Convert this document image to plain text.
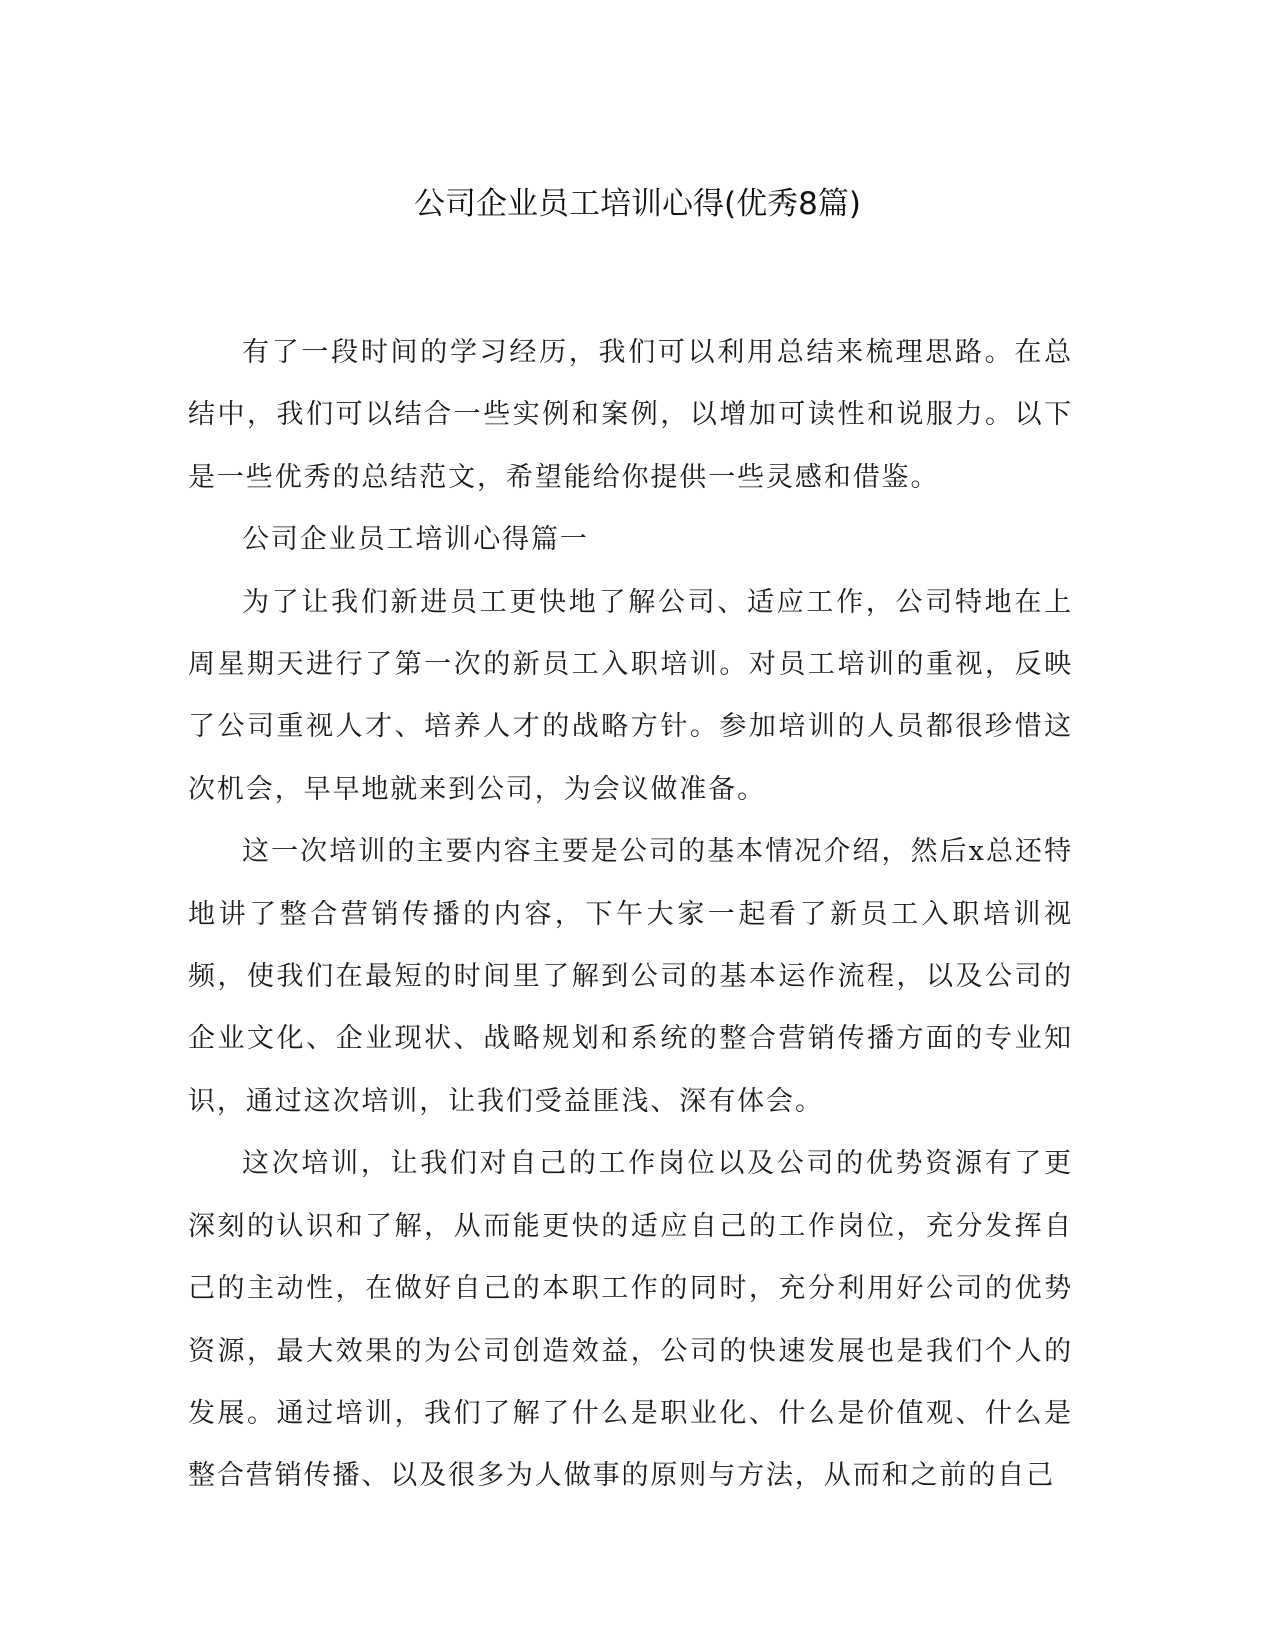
公司企业员工培训心得(优秀8篇)

有了一段时间的学习经历，我们可以利用总结来梳理思路。在总结中，我们可以结合一些实例和案例，以增加可读性和说服力。以下是一些优秀的总结范文，希望能给你提供一些灵感和借鉴。

公司企业员工培训心得篇一

为了让我们新进员工更快地了解公司、适应工作，公司特地在上周星期天进行了第一次的新员工入职培训。对员工培训的重视，反映了公司重视人才、培养人才的战略方针。参加培训的人员都很珍惜这次机会，早早地就来到公司，为会议做准备。

这一次培训的主要内容主要是公司的基本情况介绍，然后x总还特地讲了整合营销传播的内容，下午大家一起看了新员工入职培训视频，使我们在最短的时间里了解到公司的基本运作流程，以及公司的企业文化、企业现状、战略规划和系统的整合营销传播方面的专业知识，通过这次培训，让我们受益匪浅、深有体会。

这次培训，让我们对自己的工作岗位以及公司的优势资源有了更深刻的认识和了解，从而能更快的适应自己的工作岗位，充分发挥自己的主动性，在做好自己的本职工作的同时，充分利用好公司的优势资源，最大效果的为公司创造效益，公司的快速发展也是我们个人的发展。通过培训，我们了解了什么是职业化、什么是价值观、什么是整合营销传播、以及很多为人做事的原则与方法，从而和之前的自己
